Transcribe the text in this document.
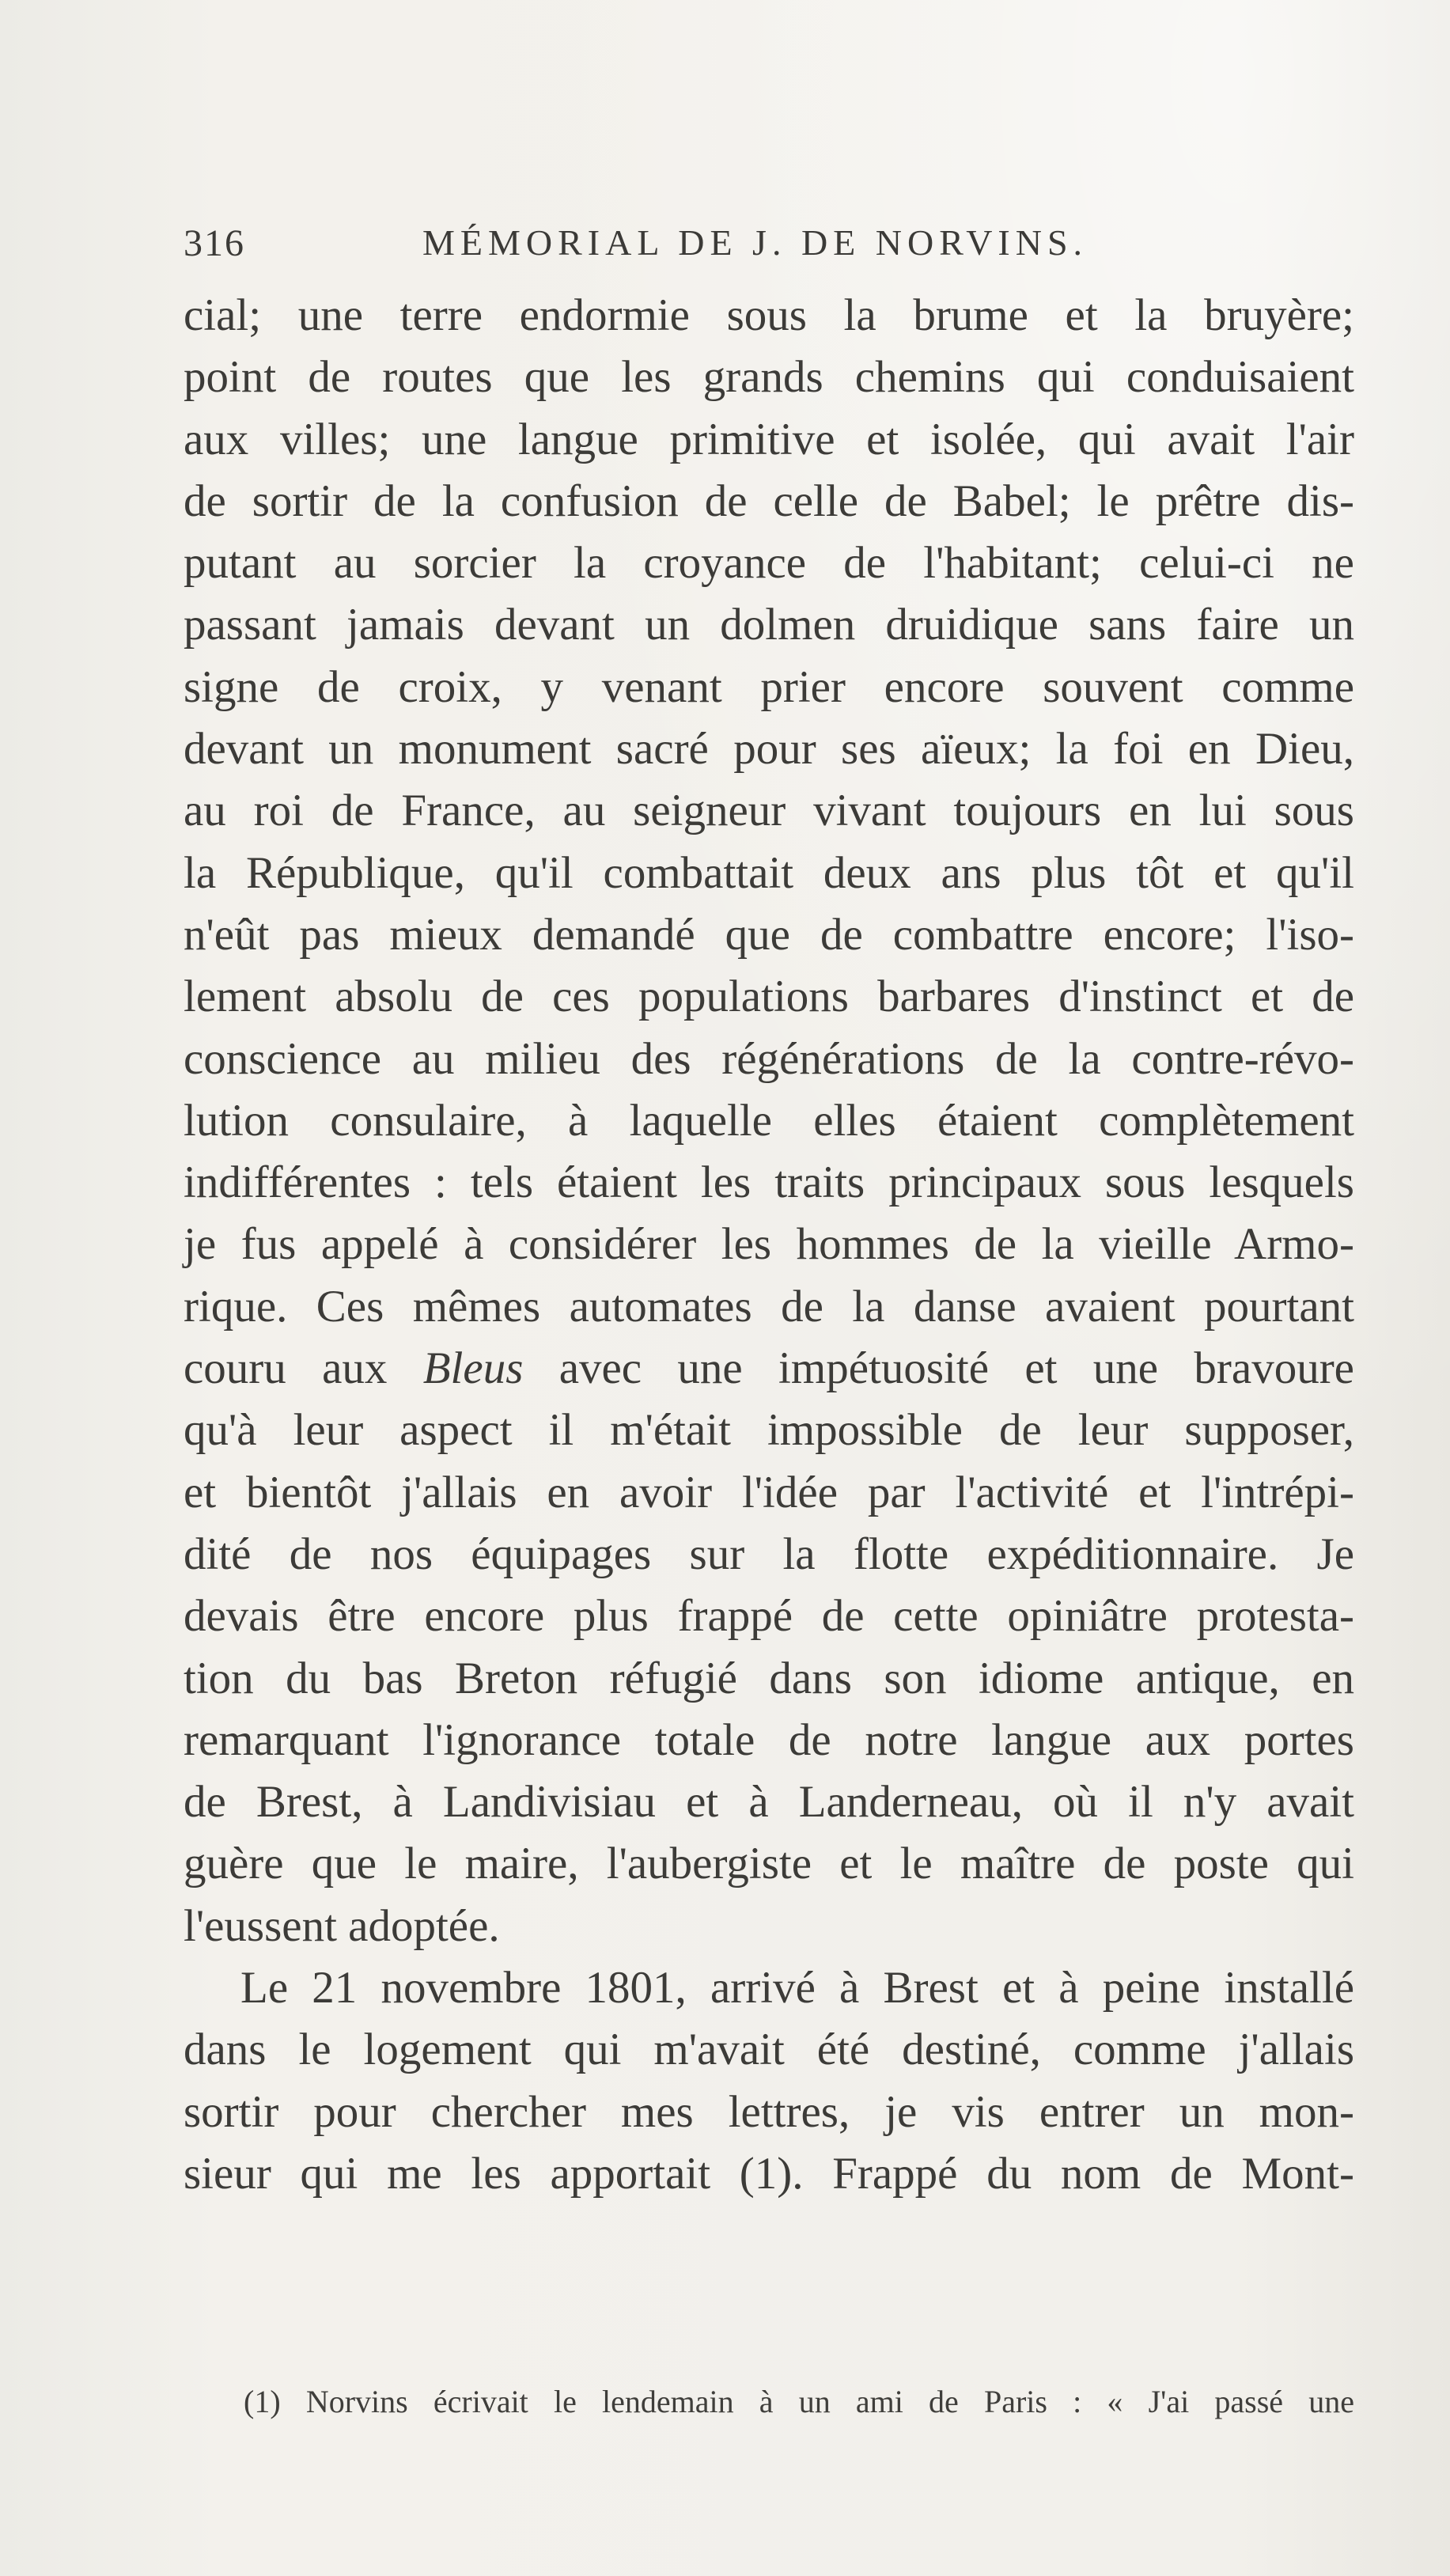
316	MÉMORIAL DE J. DE NORVINS.
cial; une terre endormie sous la brume et la bruyère;
point de routes que les grands chemins qui conduisaient
aux villes; une langue primitive et isolée, qui avait l'air
de sortir de la confusion de celle de Babel; le prêtre dis-
putant au sorcier la croyance de l'habitant; celui-ci ne
passant jamais devant un dolmen druidique sans faire un
signe de croix, y venant prier encore souvent comme
devant un monument sacré pour ses aïeux; la foi en Dieu,
au roi de France, au seigneur vivant toujours en lui sous
la République, qu'il combattait deux ans plus tôt et qu'il
n'eût pas mieux demandé que de combattre encore; l'iso-
lement absolu de ces populations barbares d'instinct et de
conscience au milieu des régénérations de la contre-révo-
lution consulaire, à laquelle elles étaient complètement
indifférentes : tels étaient les traits principaux sous lesquels
je fus appelé à considérer les hommes de la vieille Armo-
rique. Ces mêmes automates de la danse avaient pourtant
couru aux Bleus avec une impétuosité et une bravoure
qu'à leur aspect il m'était impossible de leur supposer,
et bientôt j'allais en avoir l'idée par l'activité et l'intrépi-
dité de nos équipages sur la flotte expéditionnaire. Je
devais être encore plus frappé de cette opiniâtre protesta-
tion du bas Breton réfugié dans son idiome antique, en
remarquant l'ignorance totale de notre langue aux portes
de Brest, à Landivisiau et à Landerneau, où il n'y avait
guère que le maire, l'aubergiste et le maître de poste qui
l'eussent adoptée.
Le 21 novembre 1801, arrivé à Brest et à peine installé
dans le logement qui m'avait été destiné, comme j'allais
sortir pour chercher mes lettres, je vis entrer un mon-
sieur qui me les apportait (1). Frappé du nom de Mont-
(1) Norvins écrivait le lendemain à un ami de Paris : « J'ai passé une
